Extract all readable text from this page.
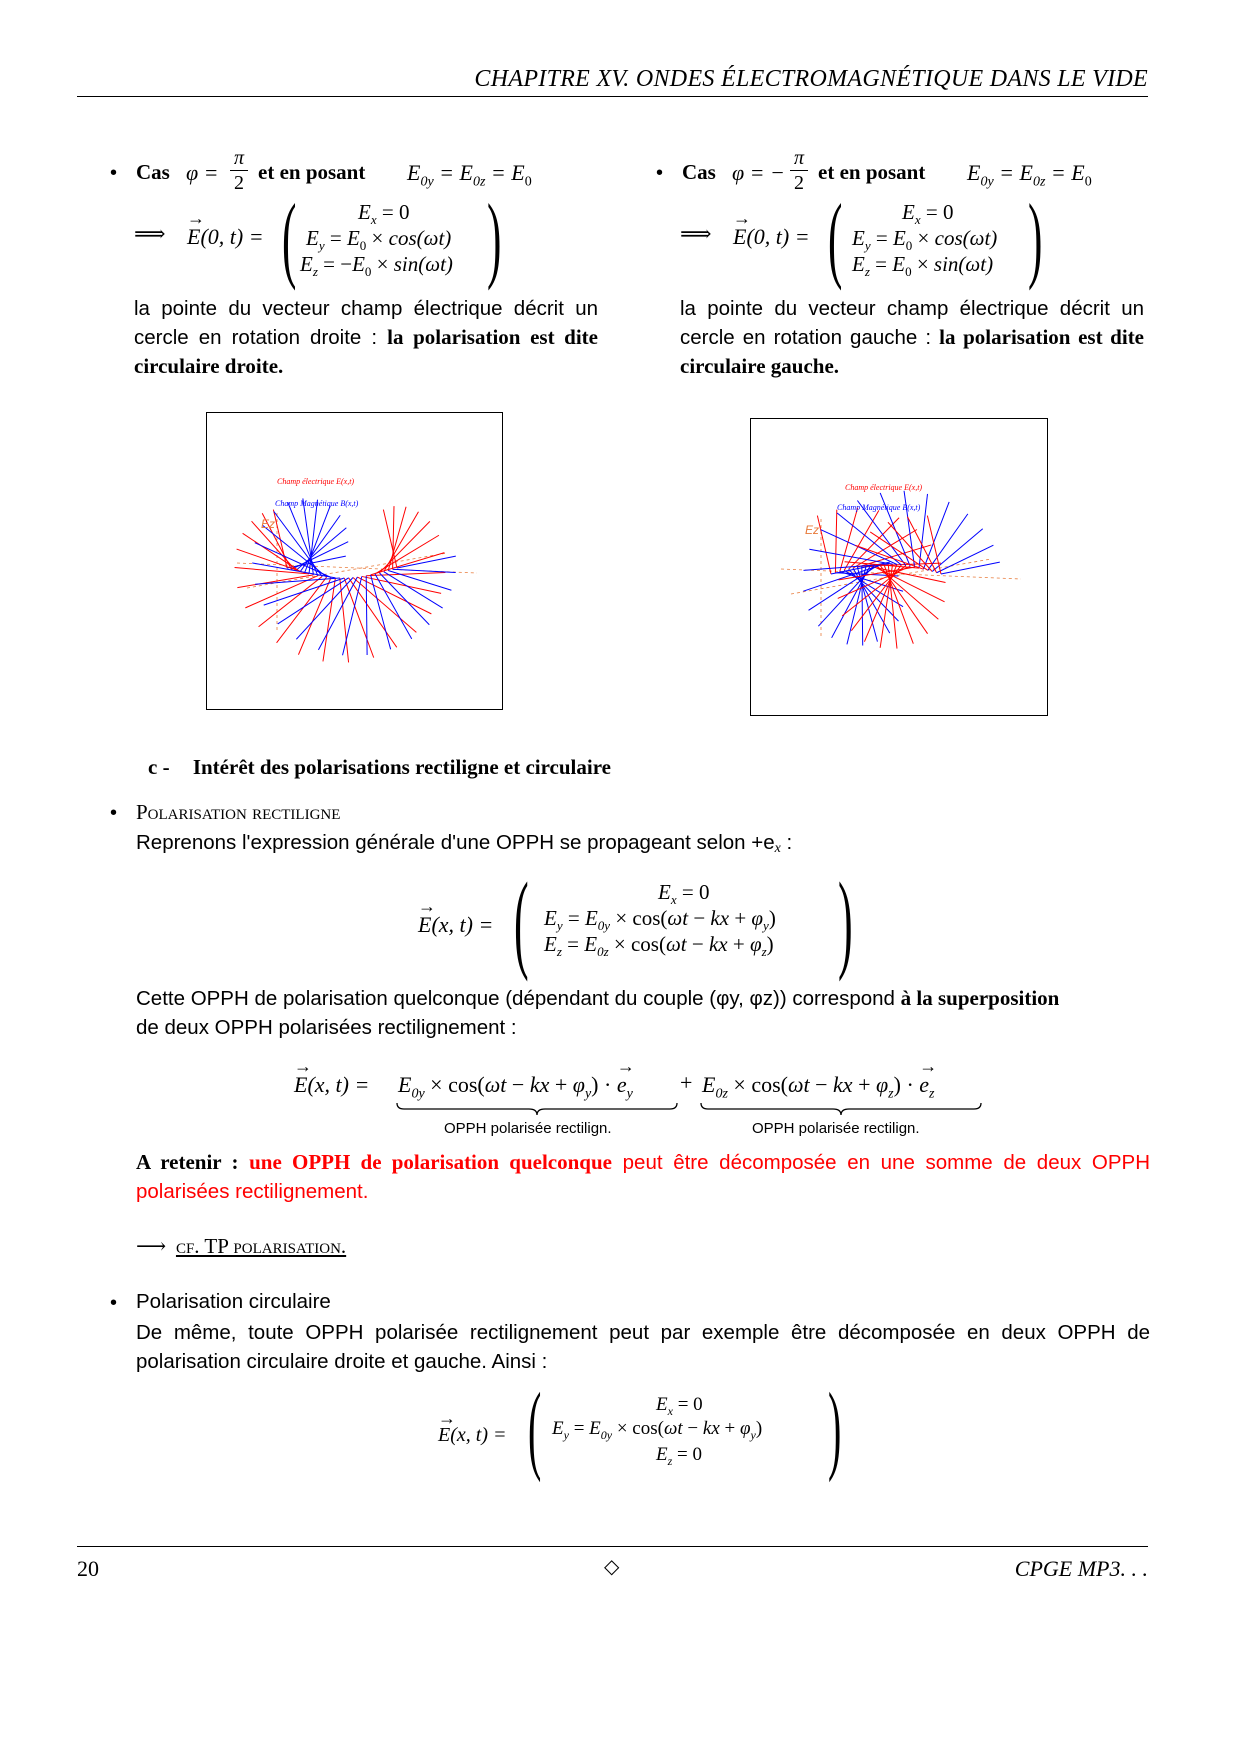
CHAPITRE XV. ONDES ÉLECTROMAGNÉTIQUE DANS LE VIDE
• Cas φ =
π

2 et en posant $E_{0y} = E_{0z} = E_0$
⟹ → E(0, t) = (	$E_x = 0$
$E_y = E_0 \times \cos(\omega t)$
$E_z = -E_0 \times \sin(\omega t)$ )
la pointe du vecteur champ électrique décrit un cercle en rotation droite : la polarisation est dite circulaire droite.
• Cas φ = −
π

2 et en posant $E_{0y} = E_{0z} = E_0$
⟹ → E(0, t) = (	$E_x = 0$
$E_y = E_0 \times \cos(\omega t)$
$E_z = E_0 \times \sin(\omega t)$ )
la pointe du vecteur champ électrique décrit un cercle en rotation gauche : la polarisation est dite circulaire gauche.
Champ électrique E(x,t)
Champ Magnétique B(x,t)
Ez
Champ électrique E(x,t)
Champ Magnétique B(x,t)
Ez
c - Intérêt des polarisations rectiligne et circulaire
• Polarisation rectiligne
Reprenons l'expression générale d'une OPPH se propageant selon +ex :
→ E(x, t) = (	$E_x = 0$
$E_y = E_{0y} \times \cos(\omega t$ − kx + $\varphi_y$)
$E_z = E_{0z} \times \cos(\omega t$ − kx + $\varphi_z$) )
Cette OPPH de polarisation quelconque (dépendant du couple (φy, φz)) correspond à la superposition
de deux OPPH polarisées rectilignement :
→ E(x, $t) = E_{0y} \times \cos(\omega t$ − kx + $\varphi_y$) · → $e_y + E_{0z} \times \cos(\omega t$ − kx + $\varphi_z$) · → $e_z$
OPPH polarisée rectilign.	OPPH polarisée rectilign.
A retenir : une OPPH de polarisation quelconque peut être décomposée en une somme de deux OPPH polarisées rectilignement.
⟶ cf. TP polarisation.
• Polarisation circulaire
De même, toute OPPH polarisée rectilignement peut par exemple être décomposée en deux OPPH de polarisation circulaire droite et gauche. Ainsi :
→ E(x, t) = (	$E_x = 0$
$E_y = E_{0y} \times \cos(\omega t$ − kx + $\varphi_y$)
$E_z = 0$ )
20	◇	CPGE MP3. . .
